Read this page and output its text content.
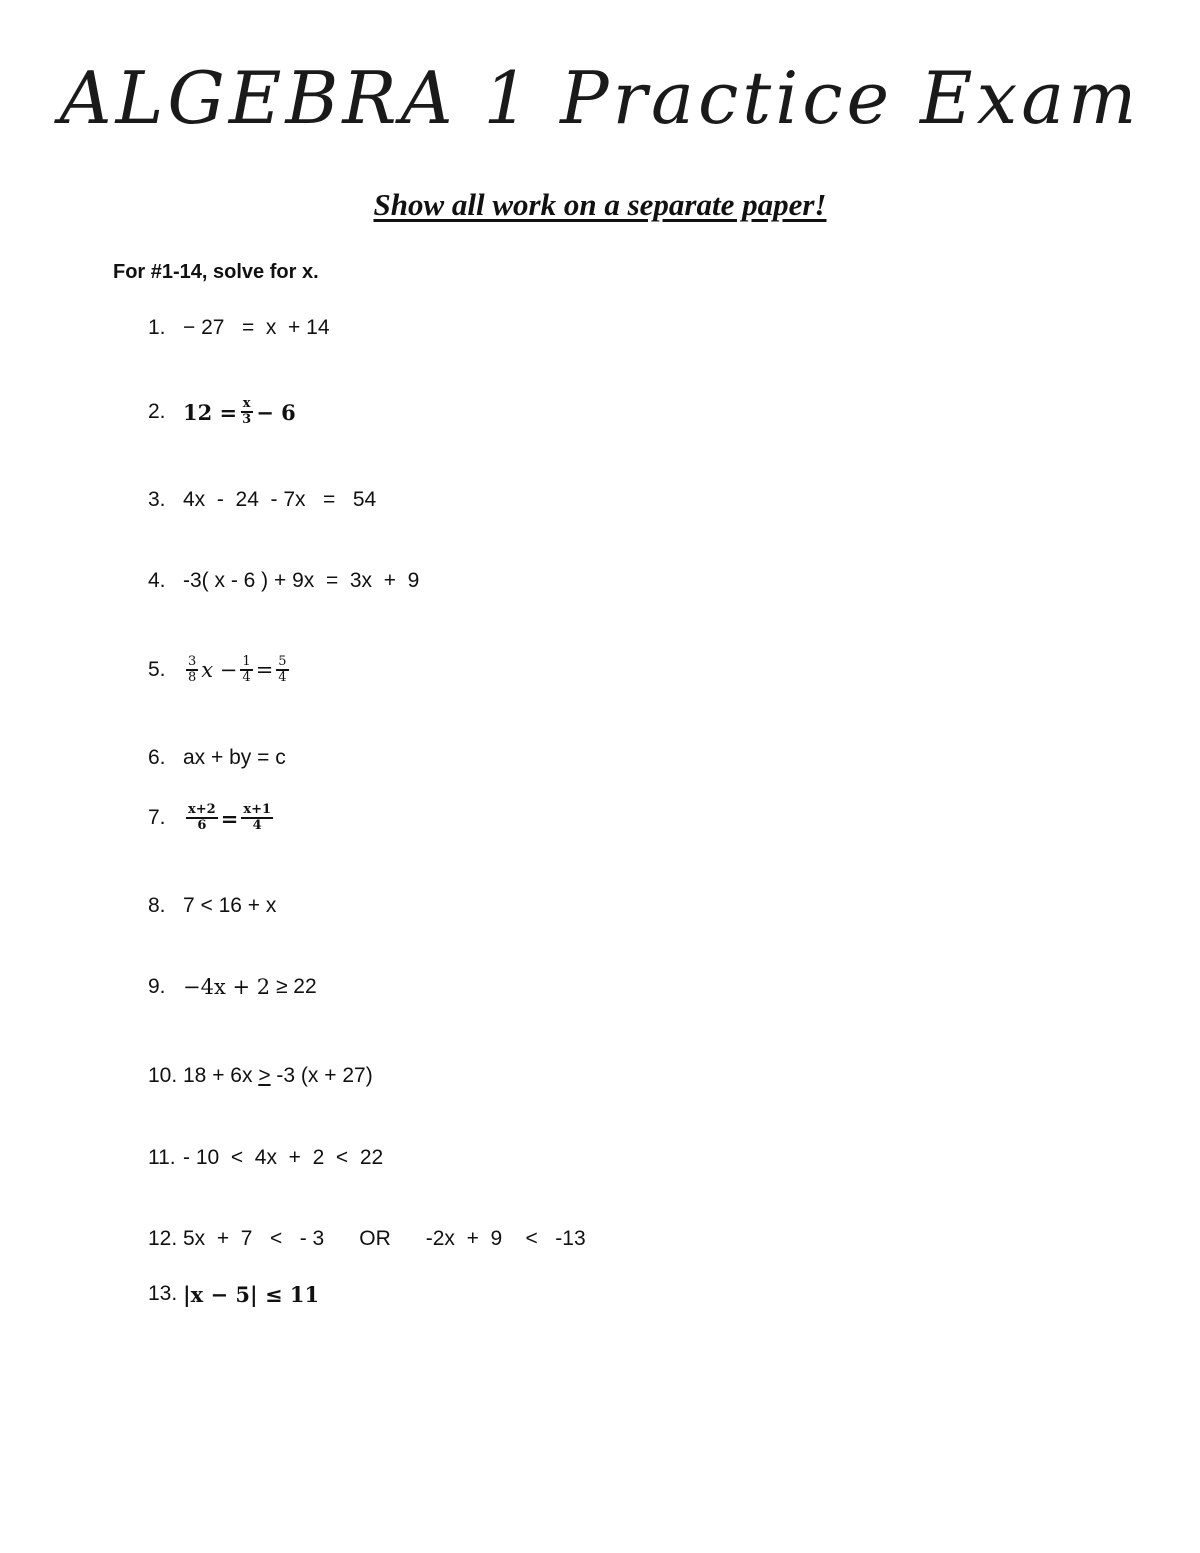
ALGEBRA 1 Practice Exam
Show all work on a separate paper!
For #1-14, solve for x.
1. − 27   =  x  + 14
2. $12 = \frac{x}{3} - 6$
3. 4x  -  24  - 7x   =   54
4. -3( x - 6 ) + 9x  =  3x  +  9
5.	$\frac{3}{8}$ $x - \frac{1}{4} = \frac{5}{4}$
6. ax + by = c
7.	$\frac{x+2}{6} = \frac{x+1}{4}$
8. 7 < 16 + x
9. −4x + 2 ≥ 22
10. 18 + 6x > -3 (x + 27)
11. - 10  <  4x  +  2  <  22
12. 5x  +  7   <   - 3      OR      -2x  +  9    <   -13
13. |x − 5| ≤ 11
